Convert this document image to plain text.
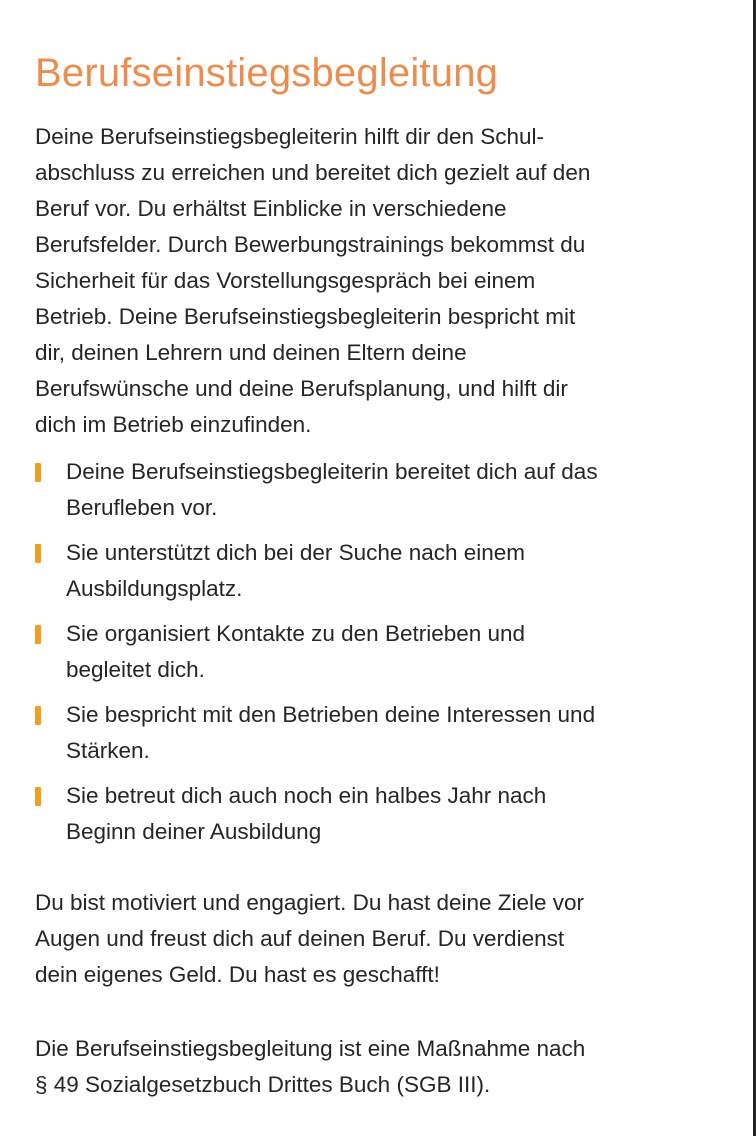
Berufseinstiegsbegleitung

Deine Berufseinstiegsbegleiterin hilft dir den Schul-
abschluss zu erreichen und bereitet dich gezielt auf den
Beruf vor. Du erhältst Einblicke in verschiedene
Berufsfelder. Durch Bewerbungstrainings bekommst du
Sicherheit für das Vorstellungsgespräch bei einem
Betrieb. Deine Berufseinstiegsbegleiterin bespricht mit
dir, deinen Lehrern und deinen Eltern deine
Berufswünsche und deine Berufsplanung, und hilft dir
dich im Betrieb einzufinden.

Deine Berufseinstiegsbegleiterin bereitet dich auf das
Berufleben vor.
Sie unterstützt dich bei der Suche nach einem
Ausbildungsplatz.
Sie organisiert Kontakte zu den Betrieben und
begleitet dich.
Sie bespricht mit den Betrieben deine Interessen und
Stärken.
Sie betreut dich auch noch ein halbes Jahr nach
Beginn deiner Ausbildung

Du bist motiviert und engagiert. Du hast deine Ziele vor
Augen und freust dich auf deinen Beruf. Du verdienst
dein eigenes Geld. Du hast es geschafft!

Die Berufseinstiegsbegleitung ist eine Maßnahme nach
§ 49 Sozialgesetzbuch Drittes Buch (SGB III).
